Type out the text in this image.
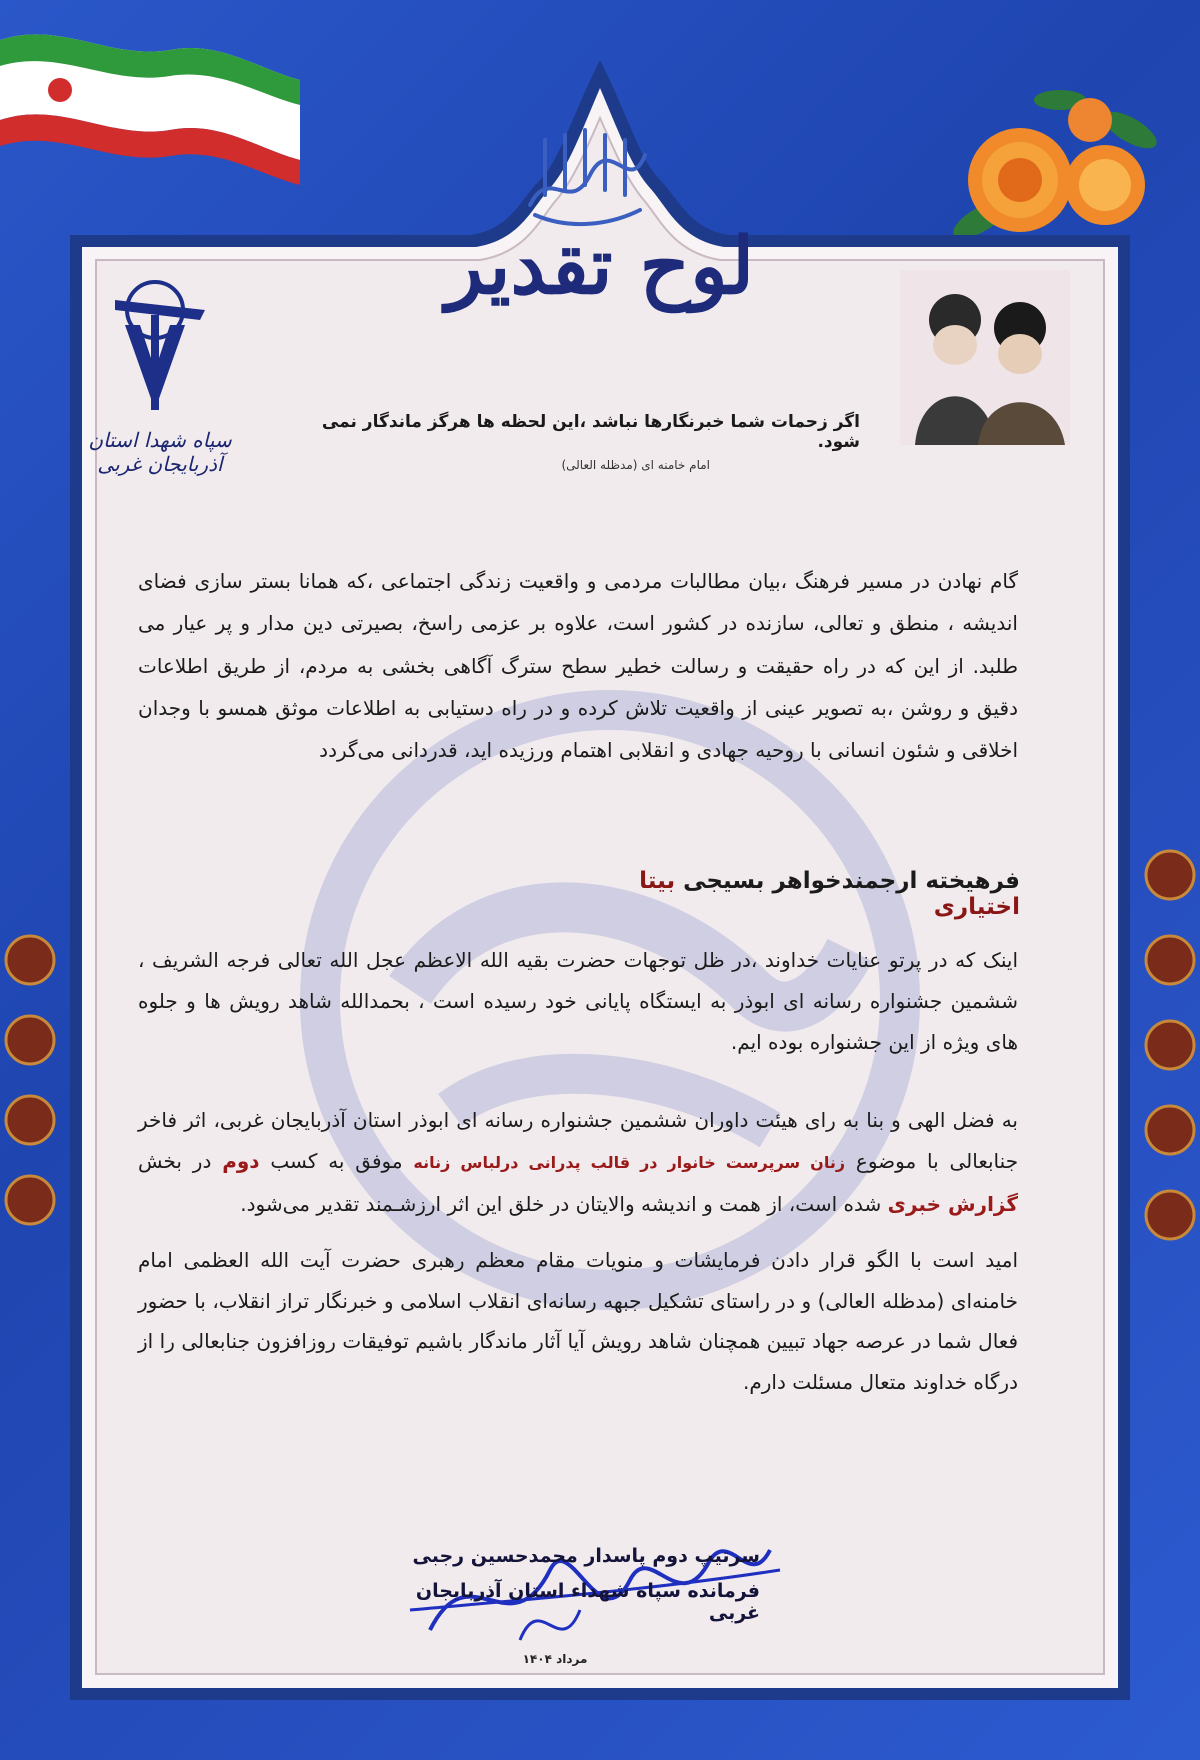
لوح تقدیر
سپاه شهدا استان آذربایجان غربی
اگر زحمات شما خبرنگارها نباشد ،این لحظه ها هرگز ماندگار نمی شود.
امام خامنه ای (مدظله العالی)
گام نهادن در مسیر فرهنگ ،بیان مطالبات مردمی و واقعیت زندگی اجتماعی ،که همانا بستر سازی فضای اندیشه ، منطق و تعالی، سازنده در کشور است، علاوه بر عزمی راسخ، بصیرتی دین مدار و پر عیار می طلبد. از این که در راه حقیقت و رسالت خطیر سطح سترگ آگاهی بخشی به مردم، از طریق اطلاعات دقیق و روشن ،به تصویر عینی از واقعیت تلاش کرده و در راه دستیابی به اطلاعات موثق همسو با وجدان اخلاقی و شئون انسانی با روحیه جهادی و انقلابی اهتمام ورزیده اید، قدردانی می‌گردد
فرهیخته ارجمندخواهر بسیجی بیتا اختیاری
اینک که در پرتو عنایات خداوند ،در ظل توجهات حضرت بقیه الله الاعظم عجل الله تعالی فرجه الشریف ، ششمین جشنواره رسانه ای ابوذر به ایستگاه پایانی خود رسیده است ، بحمدالله شاهد رویش ها و جلوه های ویژه از این جشنواره بوده ایم.
به فضل الهی و بنا به رای هیئت داوران ششمین جشنواره رسانه ای ابوذر استان آذربایجان غربی، اثر فاخر جنابعالی با موضوع زنان سرپرست خانوار در قالب پدرانی درلباس زنانه موفق به کسب دوم در بخش گزارش خبری شده است، از همت و اندیشه والایتان در خلق این اثر ارزشـمند تقدیر می‌شود.
امید است با الگو قرار دادن فرمایشات و منویات مقام معظم رهبری حضرت آیت الله العظمی امام خامنه‌ای (مدظله العالی) و در راستای تشکیل جبهه رسانه‌ای انقلاب اسلامی و خبرنگار تراز انقلاب، با حضور فعال شما در عرصه جهاد تبیین همچنان شاهد رویش آیا آثار ماندگار باشیم توفیقات روزافزون جنابعالی را از درگاه خداوند متعال مسئلت دارم.
سرتیپ دوم پاسدار محمدحسین رجبی
فرمانده سپاه شهداء استان آذربایجان غربی
مرداد ۱۴۰۴
